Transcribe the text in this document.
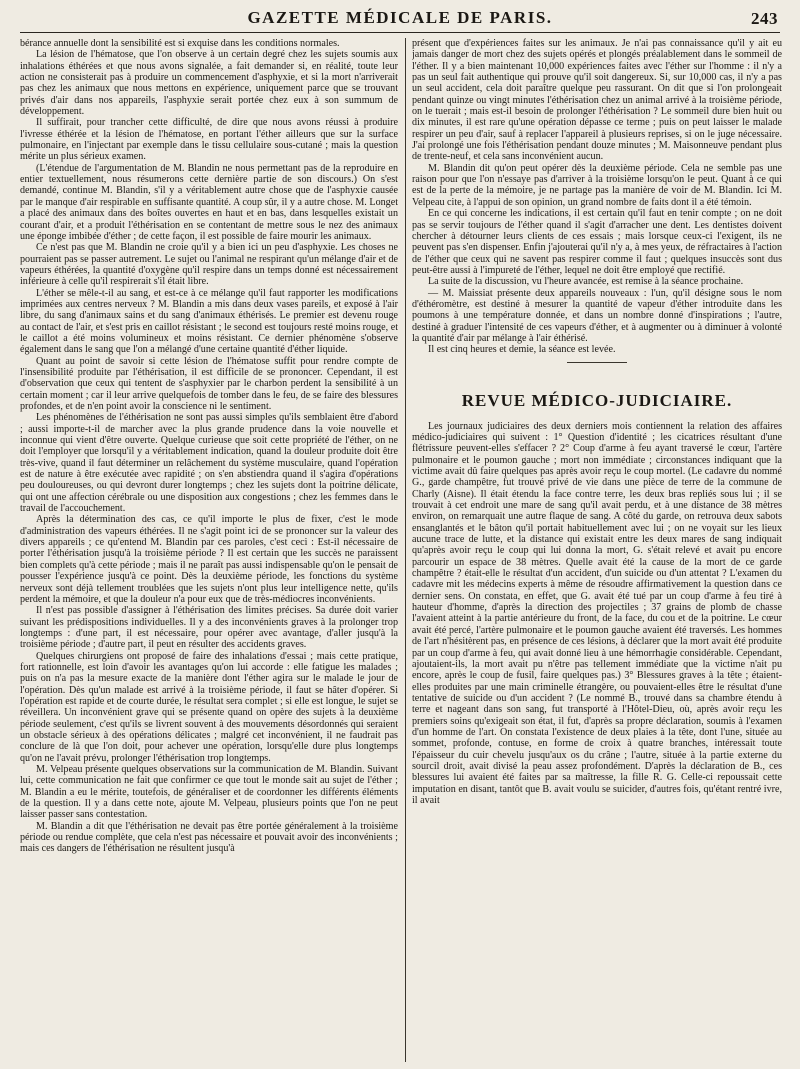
GAZETTE MÉDICALE DE PARIS.	243

bérance annuelle dont la sensibilité est si exquise dans les conditions normales.

La lésion de l'hématose, que l'on observe à un certain degré chez les sujets soumis aux inhalations éthérées et que nous avons signalée, a fait demander si, en réalité, toute leur action ne consisterait pas à produire un commencement d'asphyxie, et si la mort n'arriverait pas chez les animaux que nous mettons en expérience, uniquement parce que se trouvant privés d'air dans nos appareils, l'asphyxie serait portée chez eux à son summum de développement.

Il suffirait, pour trancher cette difficulté, de dire que nous avons réussi à produire l'ivresse éthérée et la lésion de l'hématose, en portant l'éther ailleurs que sur la surface pulmonaire, en l'injectant par exemple dans le tissu cellulaire sous-cutané ; mais la question mérite un plus sérieux examen.

(L'étendue de l'argumentation de M. Blandin ne nous permettant pas de la reproduire en entier textuellement, nous résumerons cette dernière partie de son discours.) On s'est demandé, continue M. Blandin, s'il y a véritablement autre chose que de l'asphyxie causée par le manque d'air respirable en suffisante quantité. A coup sûr, il y a autre chose. M. Longet a placé des animaux dans des boîtes ouvertes en haut et en bas, dans lesquelles existait un courant d'air, et a produit l'éthérisation en se contentant de mettre sous le nez des animaux une éponge imbibée d'éther ; de cette façon, il est possible de faire mourir les animaux.

Ce n'est pas que M. Blandin ne croie qu'il y a bien ici un peu d'asphyxie. Les choses ne pourraient pas se passer autrement. Le sujet ou l'animal ne respirant qu'un mélange d'air et de vapeurs éthérées, la quantité d'oxygène qu'il respire dans un temps donné est nécessairement inférieure à celle qu'il respirerait s'il était libre.

L'éther se mêle-t-il au sang, et est-ce à ce mélange qu'il faut rapporter les modifications imprimées aux centres nerveux ? M. Blandin a mis dans deux vases pareils, et exposé à l'air libre, du sang d'animaux sains et du sang d'animaux éthérisés. Le premier est devenu rouge au contact de l'air, et s'est pris en caillot résistant ; le second est toujours resté moins rouge, et le caillot a été moins volumineux et moins résistant. Ce dernier phénomène s'observe également dans le sang que l'on a mélangé d'une certaine quantité d'éther liquide.

Quant au point de savoir si cette lésion de l'hématose suffit pour rendre compte de l'insensibilité produite par l'éthérisation, il est difficile de se prononcer. Cependant, il est d'observation que ceux qui tentent de s'asphyxier par le charbon perdent la sensibilité à un certain moment ; car il leur arrive quelquefois de tomber dans le feu, de se faire des blessures profondes, et de n'en point avoir la conscience ni le sentiment.

Les phénomènes de l'éthérisation ne sont pas aussi simples qu'ils semblaient être d'abord ; aussi importe-t-il de marcher avec la plus grande prudence dans la voie nouvelle et inconnue qui vient d'être ouverte. Quelque curieuse que soit cette propriété de l'éther, on ne doit l'employer que lorsqu'il y a véritablement indication, quand la douleur produite doit être très-vive, quand il faut déterminer un relâchement du système musculaire, quand l'opération est de nature à être exécutée avec rapidité ; on s'en abstiendra quand il s'agira d'opérations peu douloureuses, ou qui devront durer longtemps ; chez les sujets dont la poitrine délicate, qui ont une affection cérébrale ou une disposition aux congestions ; chez les femmes dans le travail de l'accouchement.

Après la détermination des cas, ce qu'il importe le plus de fixer, c'est le mode d'administration des vapeurs éthérées. Il ne s'agit point ici de se prononcer sur la valeur des divers appareils ; ce qu'entend M. Blandin par ces paroles, c'est ceci : Est-il nécessaire de porter l'éthérisation jusqu'à la troisième période ? Il est certain que les succès ne paraissent bien complets qu'à cette période ; mais il ne paraît pas aussi indispensable qu'on le pensait de pousser l'expérience jusqu'à ce point. Dès la deuxième période, les fonctions du système nerveux sont déjà tellement troublées que les sujets n'ont plus leur intelligence nette, qu'ils perdent la mémoire, et que la douleur n'a pour eux que de très-médiocres inconvénients.

Il n'est pas possible d'assigner à l'éthérisation des limites précises. Sa durée doit varier suivant les prédispositions individuelles. Il y a des inconvénients graves à la prolonger trop longtemps : d'une part, il est nécessaire, pour opérer avec avantage, d'aller jusqu'à la troisième période ; d'autre part, il peut en résulter des accidents graves.

Quelques chirurgiens ont proposé de faire des inhalations d'essai ; mais cette pratique, fort rationnelle, est loin d'avoir les avantages qu'on lui accorde : elle fatigue les malades ; puis on n'a pas la mesure exacte de la manière dont l'éther agira sur le malade le jour de l'opération. Dès qu'un malade est arrivé à la troisième période, il faut se hâter d'opérer. Si l'opération est rapide et de courte durée, le résultat sera complet ; si elle est longue, le sujet se réveillera. Un inconvénient grave qui se présente quand on opère des sujets à la deuxième période seulement, c'est qu'ils se livrent souvent à des mouvements désordonnés qui seraient un obstacle sérieux à des opérations délicates ; malgré cet inconvénient, il ne faudrait pas conclure de là que l'on doit, pour achever une opération, lorsqu'elle dure plus longtemps qu'on ne l'avait prévu, prolonger l'éthérisation trop longtemps.

M. Velpeau présente quelques observations sur la communication de M. Blandin. Suivant lui, cette communication ne fait que confirmer ce que tout le monde sait au sujet de l'éther ; M. Blandin a eu le mérite, toutefois, de généraliser et de coordonner les différents éléments de la question. Il y a dans cette note, ajoute M. Velpeau, plusieurs points que l'on ne peut laisser passer sans contestation.

M. Blandin a dit que l'éthérisation ne devait pas être portée généralement à la troisième période ou rendue complète, que cela n'est pas nécessaire et pouvait avoir des inconvénients ; mais ces dangers de l'éthérisation ne résultent jusqu'à

présent que d'expériences faites sur les animaux. Je n'ai pas connaissance qu'il y ait eu jamais danger de mort chez des sujets opérés et plongés préalablement dans le sommeil de l'éther. Il y a bien maintenant 10,000 expériences faites avec l'éther sur l'homme : il n'y a pas un seul fait authentique qui prouve qu'il soit dangereux. Si, sur 10,000 cas, il n'y a pas un seul accident, cela doit paraître quelque peu rassurant. On dit que si l'on prolongeait pendant quinze ou vingt minutes l'éthérisation chez un animal arrivé à la troisième période, on le tuerait ; mais est-il besoin de prolonger l'éthérisation ? Le sommeil dure bien huit ou dix minutes, il est rare qu'une opération dépasse ce terme ; puis on peut laisser le malade respirer un peu d'air, sauf à replacer l'appareil à plusieurs reprises, si on le juge nécessaire. J'ai prolongé une fois l'éthérisation pendant douze minutes ; M. Maisonneuve pendant plus de trente-neuf, et cela sans inconvénient aucun.

M. Blandin dit qu'on peut opérer dès la deuxième période. Cela ne semble pas une raison pour que l'on n'essaye pas d'arriver à la troisième lorsqu'on le peut. Quant à ce qui est de la perte de la mémoire, je ne partage pas la manière de voir de M. Blandin. Ici M. Velpeau cite, à l'appui de son opinion, un grand nombre de faits dont il a été témoin.

En ce qui concerne les indications, il est certain qu'il faut en tenir compte ; on ne doit pas se servir toujours de l'éther quand il s'agit d'arracher une dent. Les dentistes doivent chercher à détourner leurs clients de ces essais ; mais lorsque ceux-ci l'exigent, ils ne peuvent pas s'en dispenser. Enfin j'ajouterai qu'il n'y a, à mes yeux, de réfractaires à l'action de l'éther que ceux qui ne savent pas respirer comme il faut ; quelques insuccès sont dus peut-être aussi à l'impureté de l'éther, lequel ne doit être employé que rectifié.

La suite de la discussion, vu l'heure avancée, est remise à la séance prochaine.

— M. Maissiat présente deux appareils nouveaux : l'un, qu'il désigne sous le nom d'éthéromètre, est destiné à mesurer la quantité de vapeur d'éther introduite dans les poumons à une température donnée, et dans un nombre donné d'inspirations ; l'autre, destiné à graduer l'intensité de ces vapeurs d'éther, et à augmenter ou à diminuer à volonté la quantité d'air par mélange à l'air éthérisé.

Il est cinq heures et demie, la séance est levée.

REVUE MÉDICO-JUDICIAIRE.

Les journaux judiciaires des deux derniers mois contiennent la relation des affaires médico-judiciaires qui suivent : 1° Question d'identité ; les cicatrices résultant d'une flétrissure peuvent-elles s'effacer ? 2° Coup d'arme à feu ayant traversé le cœur, l'artère pulmonaire et le poumon gauche ; mort non immédiate ; circonstances indiquant que la victime avait dû faire quelques pas après avoir reçu le coup mortel. (Le cadavre du nommé G., garde champêtre, fut trouvé privé de vie dans une pièce de terre de la commune de Charly (Aisne). Il était étendu la face contre terre, les deux bras repliés sous lui ; il se trouvait à cet endroit une mare de sang qu'il avait perdu, et à une distance de 38 mètres environ, on remarquait une autre flaque de sang. A côté du garde, on retrouva deux sabots ensanglantés et le bâton qu'il portait habituellement avec lui ; on ne voyait sur les lieux aucune trace de lutte, et la distance qui existait entre les deux mares de sang indiquait qu'après avoir reçu le coup qui lui donna la mort, G. s'était relevé et avait pu encore parcourir un espace de 38 mètres. Quelle avait été la cause de la mort de ce garde champêtre ? était-elle le résultat d'un accident, d'un suicide ou d'un attentat ? L'examen du cadavre mit les médecins experts à même de résoudre affirmativement la question dans ce dernier sens. On constata, en effet, que G. avait été tué par un coup d'arme à feu tiré à hauteur d'homme, d'après la direction des projectiles ; 37 grains de plomb de chasse l'avaient atteint à la partie antérieure du front, de la face, du cou et de la poitrine. Le cœur avait été percé, l'artère pulmonaire et le poumon gauche avaient été traversés. Les hommes de l'art n'hésitèrent pas, en présence de ces lésions, à déclarer que la mort avait été produite par un coup d'arme à feu, qui avait donné lieu à une hémorrhagie considérable. Cependant, ajoutaient-ils, la mort avait pu n'être pas tellement immédiate que la victime n'ait pu encore, après le coup de fusil, faire quelques pas.) 3° Blessures graves à la tête ; étaient-elles produites par une main criminelle étrangère, ou pouvaient-elles être le résultat d'une tentative de suicide ou d'un accident ? (Le nommé B., trouvé dans sa chambre étendu à terre et nageant dans son sang, fut transporté à l'Hôtel-Dieu, où, après avoir reçu les premiers soins qu'exigeait son état, il fut, d'après sa propre déclaration, soumis à l'examen d'un homme de l'art. On constata l'existence de deux plaies à la tête, dont l'une, située au sommet, profonde, contuse, en forme de croix à quatre branches, intéressait toute l'épaisseur du cuir chevelu jusqu'aux os du crâne ; l'autre, située à la partie externe du sourcil droit, avait divisé la peau assez profondément. D'après la déclaration de B., ces blessures lui avaient été faites par sa maîtresse, la fille R. G. Celle-ci repoussait cette imputation en disant, tantôt que B. avait voulu se suicider, d'autres fois, qu'étant rentré ivre, il avait
